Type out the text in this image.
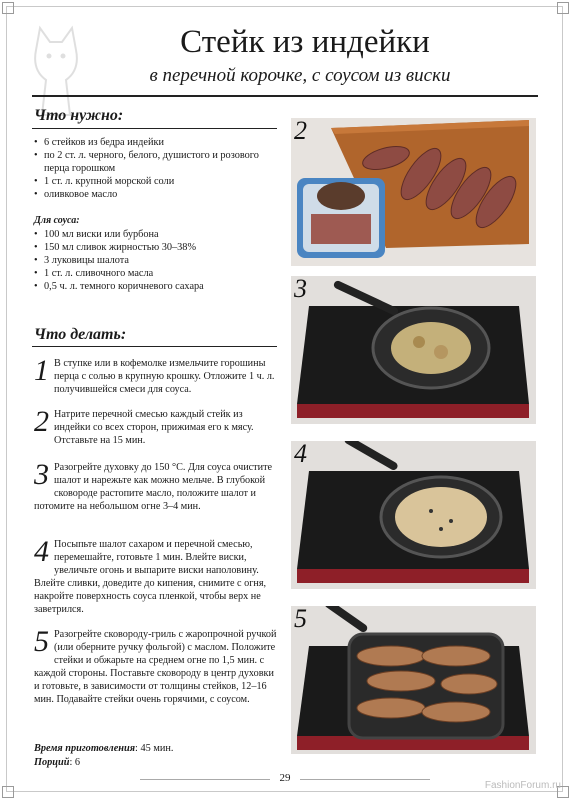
Стейк из индейки
в перечной корочке, с соусом из виски
Что нужно:
• 6 стейков из бедра индейки
• по 2 ст. л. черного, белого, душистого и розового перца горошком
• 1 ст. л. крупной морской соли
• оливковое масло
Для соуса:
• 100 мл виски или бурбона
• 150 мл сливок жирностью 30–38%
• 3 луковицы шалота
• 1 ст. л. сливочного масла
• 0,5 ч. л. темного коричневого сахара
Что делать:
1 В ступке или в кофемолке измельчите горошины перца с солью в крупную крошку. Отложите 1 ч. л. получившейся смеси для соуса.
2 Натрите перечной смесью каждый стейк из индейки со всех сторон, прижимая его к мясу. Отставьте на 15 мин.
3 Разогрейте духовку до 150 °С. Для соуса очистите шалот и нарежьте как можно мельче. В глубокой сковороде растопите масло, положите шалот и потомите на небольшом огне 3–4 мин.
4 Посыпьте шалот сахаром и перечной смесью, перемешайте, готовьте 1 мин. Влейте виски, увеличьте огонь и выпарите виски наполовину. Влейте сливки, доведите до кипения, снимите с огня, накройте поверхность соуса пленкой, чтобы верх не заветрился.
5 Разогрейте сковороду-гриль с жаропрочной ручкой (или оберните ручку фольгой) с маслом. Положите стейки и обжарьте на среднем огне по 1,5 мин. с каждой стороны. Поставьте сковороду в центр духовки и готовьте, в зависимости от толщины стейков, 12–16 мин. Подавайте стейки очень горячими, с соусом.
Время приготовления: 45 мин.
Порций: 6
2
3
4
5
29
FashionForum.ru
